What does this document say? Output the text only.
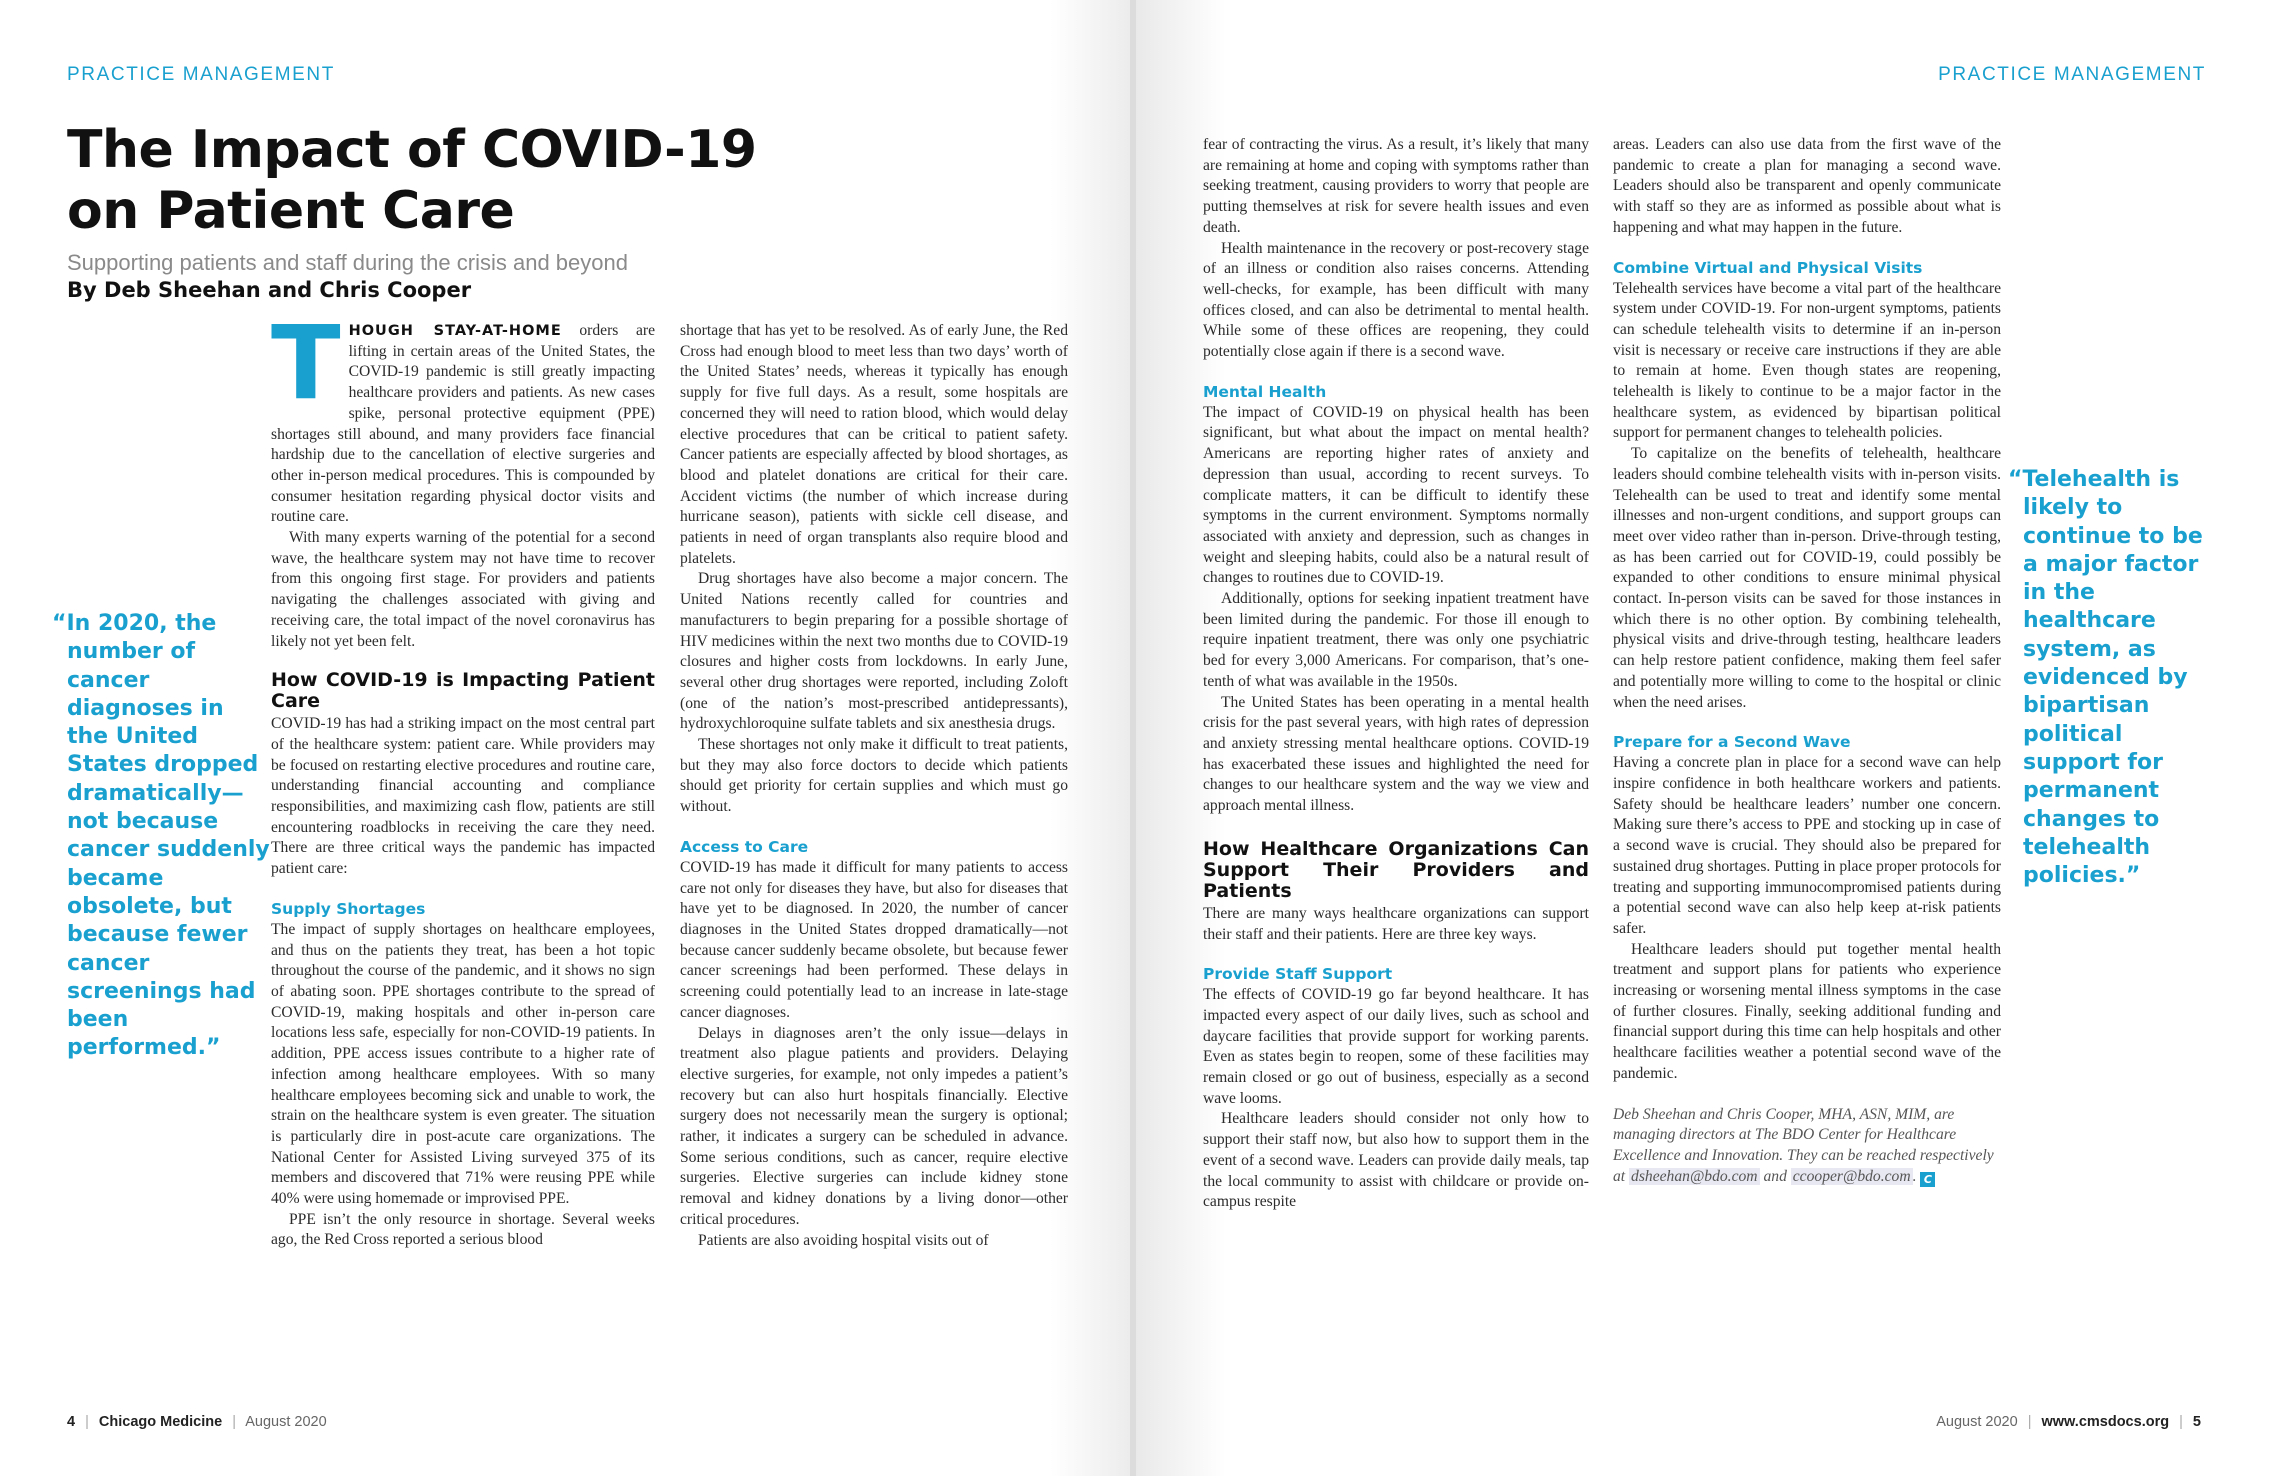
PRACTICE MANAGEMENT
The Impact of COVID-19
on Patient Care
Supporting patients and staff during the crisis and beyond
By Deb Sheehan and Chris Cooper
“In 2020, the number of cancer diagnoses in the United States dropped dramatically—not because cancer suddenly became obsolete, but because fewer cancer screenings had been performed.”

THOUGH STAY-AT-HOME orders are lifting in certain areas of the United States, the COVID-19 pandemic is still greatly impacting healthcare providers and patients. As new cases spike, personal protective equipment (PPE) shortages still abound, and many providers face financial hardship due to the cancellation of elective surgeries and other in-person medical procedures. This is compounded by consumer hesitation regarding physical doctor visits and routine care.

With many experts warning of the potential for a second wave, the healthcare system may not have time to recover from this ongoing first stage. For providers and patients navigating the challenges associated with giving and receiving care, the total impact of the novel coronavirus has likely not yet been felt.

How COVID-19 is Impacting Patient Care

COVID-19 has had a striking impact on the most central part of the healthcare system: patient care. While providers may be focused on restarting elective procedures and routine care, understanding financial accounting and compliance responsibilities, and maximizing cash flow, patients are still encountering roadblocks in receiving the care they need. There are three critical ways the pandemic has impacted patient care:

Supply Shortages

The impact of supply shortages on healthcare employees, and thus on the patients they treat, has been a hot topic throughout the course of the pandemic, and it shows no sign of abating soon. PPE shortages contribute to the spread of COVID-19, making hospitals and other in-person care locations less safe, especially for non-COVID-19 patients. In addition, PPE access issues contribute to a higher rate of infection among healthcare employees. With so many healthcare employees becoming sick and unable to work, the strain on the healthcare system is even greater. The situation is particularly dire in post-acute care organizations. The National Center for Assisted Living surveyed 375 of its members and discovered that 71% were reusing PPE while 40% were using homemade or improvised PPE.

PPE isn’t the only resource in shortage. Several weeks ago, the Red Cross reported a serious blood

shortage that has yet to be resolved. As of early June, the Red Cross had enough blood to meet less than two days’ worth of the United States’ needs, whereas it typically has enough supply for five full days. As a result, some hospitals are concerned they will need to ration blood, which would delay elective procedures that can be critical to patient safety. Cancer patients are especially affected by blood shortages, as blood and platelet donations are critical for their care. Accident victims (the number of which increase during hurricane season), patients with sickle cell disease, and patients in need of organ transplants also require blood and platelets.

Drug shortages have also become a major concern. The United Nations recently called for countries and manufacturers to begin preparing for a possible shortage of HIV medicines within the next two months due to COVID-19 closures and higher costs from lockdowns. In early June, several other drug shortages were reported, including Zoloft (one of the nation’s most-prescribed antidepressants), hydroxychloroquine sulfate tablets and six anesthesia drugs.

These shortages not only make it difficult to treat patients, but they may also force doctors to decide which patients should get priority for certain supplies and which must go without.

Access to Care

COVID-19 has made it difficult for many patients to access care not only for diseases they have, but also for diseases that have yet to be diagnosed. In 2020, the number of cancer diagnoses in the United States dropped dramatically—not because cancer suddenly became obsolete, but because fewer cancer screenings had been performed. These delays in screening could potentially lead to an increase in late-stage cancer diagnoses.

Delays in diagnoses aren’t the only issue—delays in treatment also plague patients and providers. Delaying elective surgeries, for example, not only impedes a patient’s recovery but can also hurt hospitals financially. Elective surgery does not necessarily mean the surgery is optional; rather, it indicates a surgery can be scheduled in advance. Some serious conditions, such as cancer, require elective surgeries. Elective surgeries can include kidney stone removal and kidney donations by a living donor—other critical procedures.

Patients are also avoiding hospital visits out of

4 | Chicago Medicine | August 2020
PRACTICE MANAGEMENT

fear of contracting the virus. As a result, it’s likely that many are remaining at home and coping with symptoms rather than seeking treatment, causing providers to worry that people are putting themselves at risk for severe health issues and even death.

Health maintenance in the recovery or post-recovery stage of an illness or condition also raises concerns. Attending well-checks, for example, has been difficult with many offices closed, and can also be detrimental to mental health. While some of these offices are reopening, they could potentially close again if there is a second wave.

Mental Health

The impact of COVID-19 on physical health has been significant, but what about the impact on mental health? Americans are reporting higher rates of anxiety and depression than usual, according to recent surveys. To complicate matters, it can be difficult to identify these symptoms in the current environment. Symptoms normally associated with anxiety and depression, such as changes in weight and sleeping habits, could also be a natural result of changes to routines due to COVID-19.

Additionally, options for seeking inpatient treatment have been limited during the pandemic. For those ill enough to require inpatient treatment, there was only one psychiatric bed for every 3,000 Americans. For comparison, that’s one-tenth of what was available in the 1950s.

The United States has been operating in a mental health crisis for the past several years, with high rates of depression and anxiety stressing mental healthcare options. COVID-19 has exacerbated these issues and highlighted the need for changes to our healthcare system and the way we view and approach mental illness.

How Healthcare Organizations Can Support Their Providers and Patients

There are many ways healthcare organizations can support their staff and their patients. Here are three key ways.

Provide Staff Support

The effects of COVID-19 go far beyond healthcare. It has impacted every aspect of our daily lives, such as school and daycare facilities that provide support for working parents. Even as states begin to reopen, some of these facilities may remain closed or go out of business, especially as a second wave looms.

Healthcare leaders should consider not only how to support their staff now, but also how to support them in the event of a second wave. Leaders can provide daily meals, tap the local community to assist with childcare or provide on-campus respite

areas. Leaders can also use data from the first wave of the pandemic to create a plan for managing a second wave. Leaders should also be transparent and openly communicate with staff so they are as informed as possible about what is happening and what may happen in the future.

Combine Virtual and Physical Visits

Telehealth services have become a vital part of the healthcare system under COVID-19. For non-urgent symptoms, patients can schedule telehealth visits to determine if an in-person visit is necessary or receive care instructions if they are able to remain at home. Even though states are reopening, telehealth is likely to continue to be a major factor in the healthcare system, as evidenced by bipartisan political support for permanent changes to telehealth policies.

To capitalize on the benefits of telehealth, healthcare leaders should combine telehealth visits with in-person visits. Telehealth can be used to treat and identify some mental illnesses and non-urgent conditions, and support groups can meet over video rather than in-person. Drive-through testing, as has been carried out for COVID-19, could possibly be expanded to other conditions to ensure minimal physical contact. In-person visits can be saved for those instances in which there is no other option. By combining telehealth, physical visits and drive-through testing, healthcare leaders can help restore patient confidence, making them feel safer and potentially more willing to come to the hospital or clinic when the need arises.

Prepare for a Second Wave

Having a concrete plan in place for a second wave can help inspire confidence in both healthcare workers and patients. Safety should be healthcare leaders’ number one concern. Making sure there’s access to PPE and stocking up in case of a second wave is crucial. They should also be prepared for sustained drug shortages. Putting in place proper protocols for treating and supporting immunocompromised patients during a potential second wave can also help keep at-risk patients safer.

Healthcare leaders should put together mental health treatment and support plans for patients who experience increasing or worsening mental illness symptoms in the case of further closures. Finally, seeking additional funding and financial support during this time can help hospitals and other healthcare facilities weather a potential second wave of the pandemic.

Deb Sheehan and Chris Cooper, MHA, ASN, MIM, are managing directors at The BDO Center for Healthcare Excellence and Innovation. They can be reached respectively at dsheehan@bdo.com and ccooper@bdo.com . C

“Telehealth is likely to continue to be a major factor in the healthcare system, as evidenced by bipartisan political support for permanent changes to telehealth policies.”
August 2020 | www.cmsdocs.org | 5
